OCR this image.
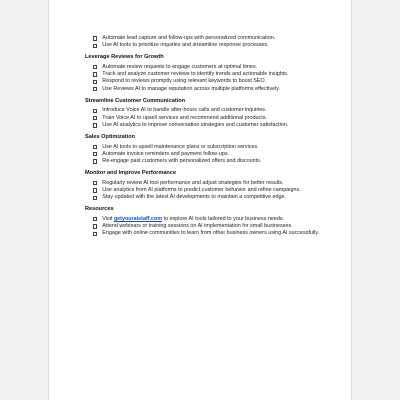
Automate lead capture and follow-ups with personalized communication.
Use AI tools to prioritize inquiries and streamline response processes.
Leverage Reviews for Growth
Automate review requests to engage customers at optimal times.
Track and analyze customer reviews to identify trends and actionable insights.
Respond to reviews promptly using relevant keywords to boost SEO.
Use Reviews AI to manage reputation across multiple platforms effectively.
Streamline Customer Communication
Introduce Voice AI to handle after-hours calls and customer inquiries.
Train Voice AI to upsell services and recommend additional products.
Use AI analytics to improve conversation strategies and customer satisfaction.
Sales Optimization
Use AI tools to upsell maintenance plans or subscription services.
Automate invoice reminders and payment follow-ups.
Re-engage past customers with personalized offers and discounts.
Monitor and Improve Performance
Regularly review AI tool performance and adjust strategies for better results.
Use analytics from AI platforms to predict customer behavior and refine campaigns.
Stay updated with the latest AI developments to maintain a competitive edge.
Resources
Visit getyouraistaff.com to explore AI tools tailored to your business needs.
Attend webinars or training sessions on AI implementation for small businesses.
Engage with online communities to learn from other business owners using AI successfully.
